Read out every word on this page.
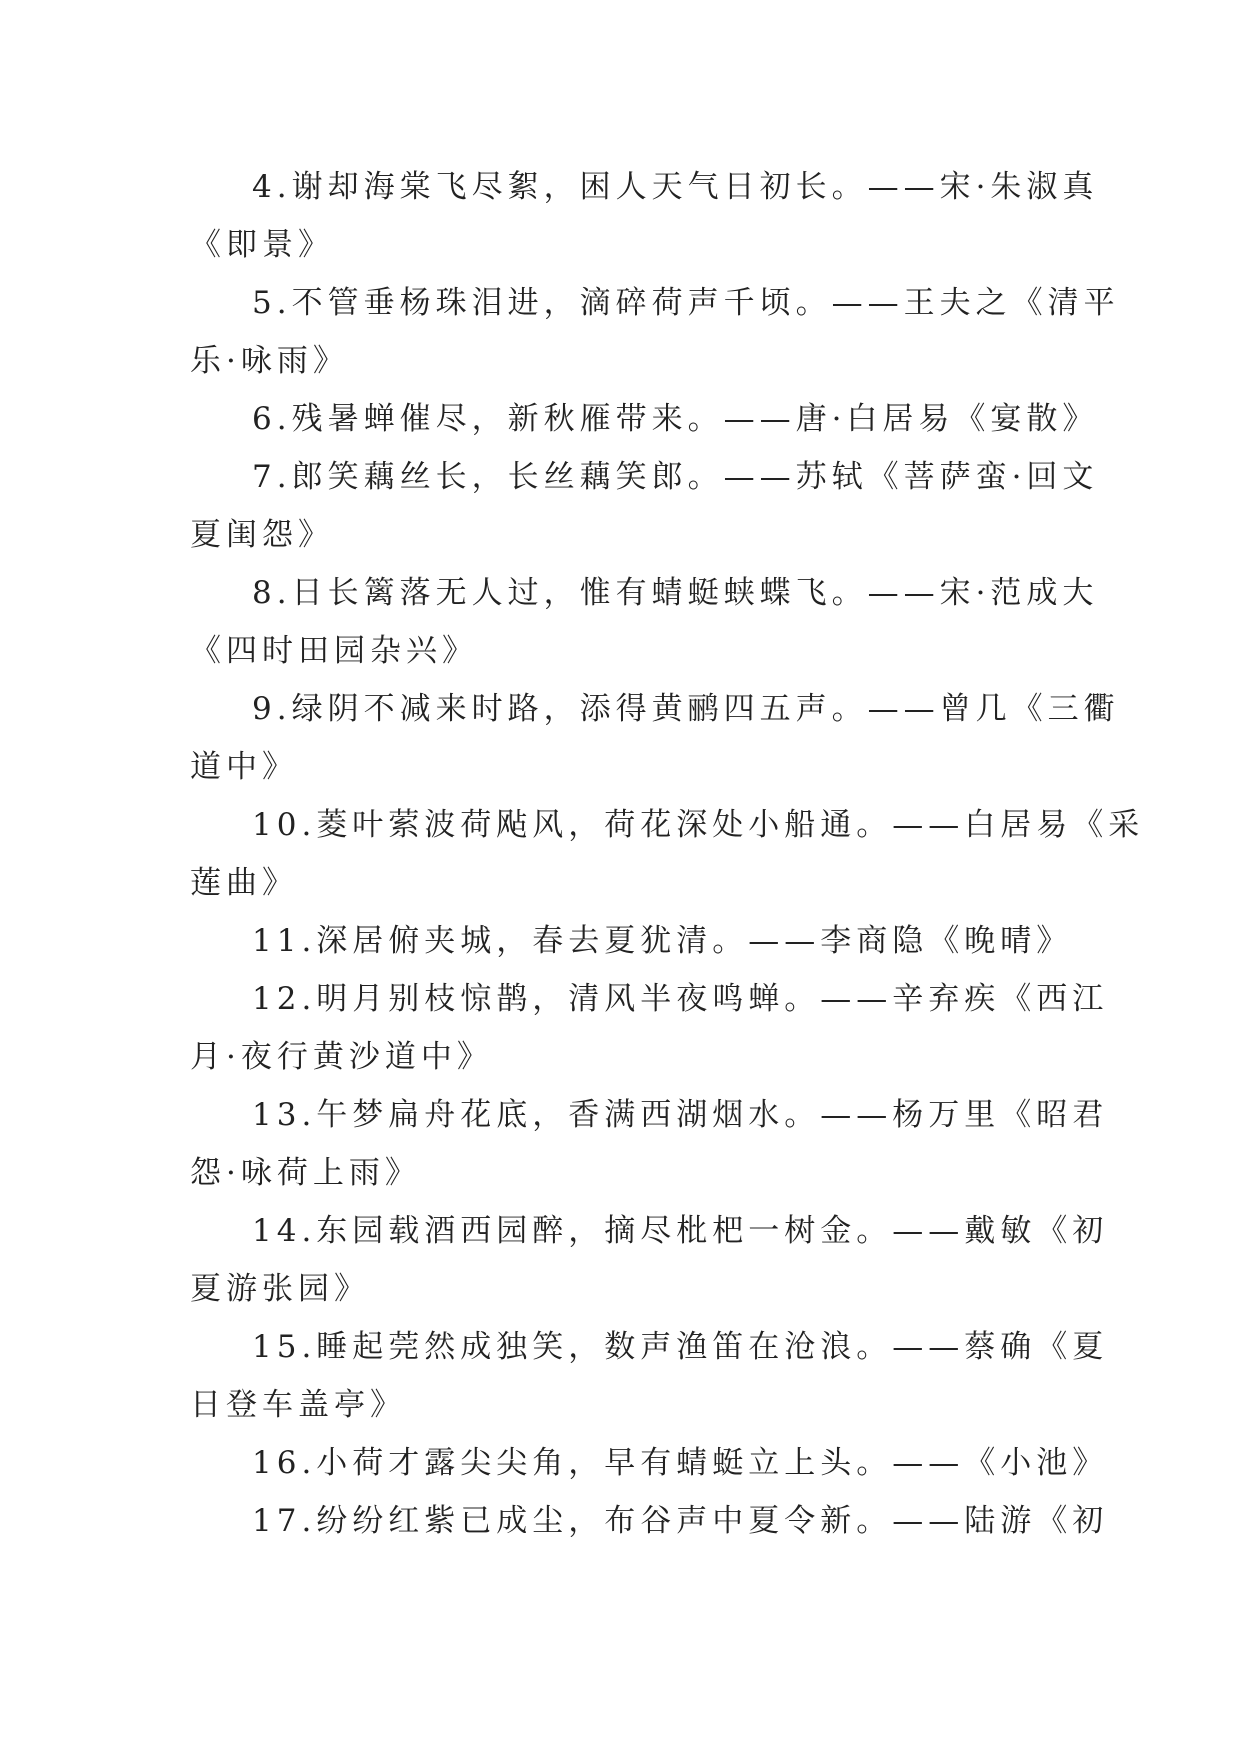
4.谢却海棠飞尽絮，困人天气日初长。——宋·朱淑真
《即景》
5.不管垂杨珠泪进，滴碎荷声千顷。——王夫之《清平
乐·咏雨》
6.残暑蝉催尽，新秋雁带来。——唐·白居易《宴散》
7.郎笑藕丝长，长丝藕笑郎。——苏轼《菩萨蛮·回文
夏闺怨》
8.日长篱落无人过，惟有蜻蜓蛱蝶飞。——宋·范成大
《四时田园杂兴》
9.绿阴不减来时路，添得黄鹂四五声。——曾几《三衢
道中》
10.菱叶萦波荷飐风，荷花深处小船通。——白居易《采
莲曲》
11.深居俯夹城，春去夏犹清。——李商隐《晚晴》
12.明月别枝惊鹊，清风半夜鸣蝉。——辛弃疾《西江
月·夜行黄沙道中》
13.午梦扁舟花底，香满西湖烟水。——杨万里《昭君
怨·咏荷上雨》
14.东园载酒西园醉，摘尽枇杷一树金。——戴敏《初
夏游张园》
15.睡起莞然成独笑，数声渔笛在沧浪。——蔡确《夏
日登车盖亭》
16.小荷才露尖尖角，早有蜻蜓立上头。——《小池》
17.纷纷红紫已成尘，布谷声中夏令新。——陆游《初
